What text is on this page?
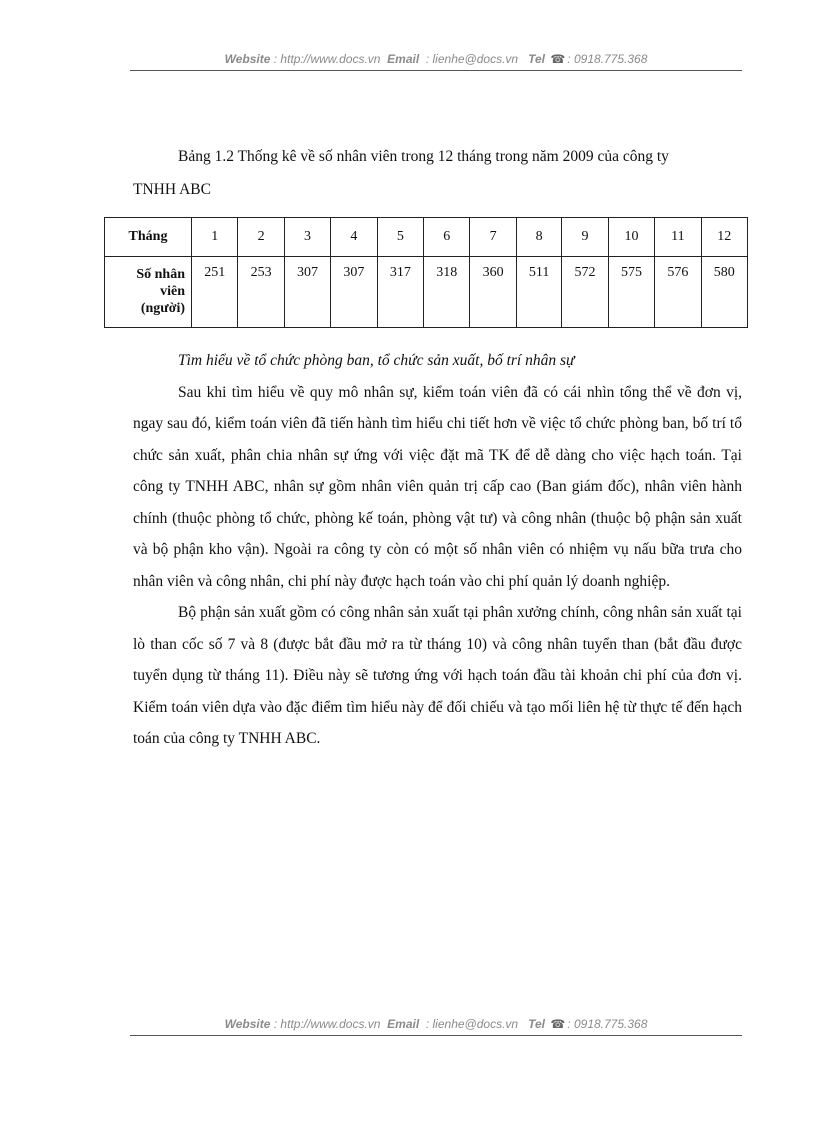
Website : http://www.docs.vn Email : lienhe@docs.vn Tel ☎ : 0918.775.368
Bảng 1.2 Thống kê về số nhân viên trong 12 tháng trong năm 2009 của công ty
TNHH ABC
Tháng	1	2	3	4	5	6	7	8	9	10	11	12

Số nhân
viên
(người)	251	253	307	307	317	318	360	511	572	575	576	580

Tìm hiểu về tổ chức phòng ban, tổ chức sản xuất, bố trí nhân sự

Sau khi tìm hiểu về quy mô nhân sự, kiểm toán viên đã có cái nhìn tổng thể về đơn vị, ngay sau đó, kiểm toán viên đã tiến hành tìm hiểu chi tiết hơn về việc tổ chức phòng ban, bố trí tổ chức sản xuất, phân chia nhân sự ứng với việc đặt mã TK để dễ dàng cho việc hạch toán. Tại công ty TNHH ABC, nhân sự gồm nhân viên quản trị cấp cao (Ban giám đốc), nhân viên hành chính (thuộc phòng tổ chức, phòng kế toán, phòng vật tư) và công nhân (thuộc bộ phận sản xuất và bộ phận kho vận). Ngoài ra công ty còn có một số nhân viên có nhiệm vụ nấu bữa trưa cho nhân viên và công nhân, chi phí này được hạch toán vào chi phí quản lý doanh nghiệp.

Bộ phận sản xuất gồm có công nhân sản xuất tại phân xưởng chính, công nhân sản xuất tại lò than cốc số 7 và 8 (được bắt đầu mở ra từ tháng 10) và công nhân tuyển than (bắt đầu được tuyển dụng từ tháng 11). Điều này sẽ tương ứng với hạch toán đầu tài khoản chi phí của đơn vị. Kiểm toán viên dựa vào đặc điểm tìm hiểu này để đối chiếu và tạo mối liên hệ từ thực tế đến hạch toán của công ty TNHH ABC.

Website : http://www.docs.vn Email : lienhe@docs.vn Tel ☎ : 0918.775.368
